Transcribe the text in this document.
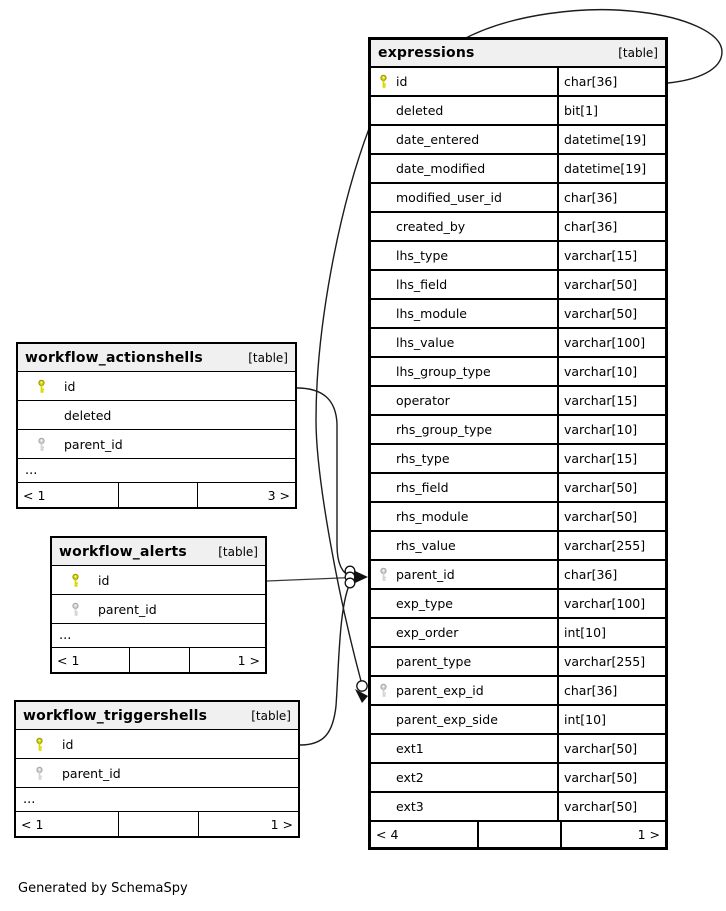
expressions	[table]
id	char[36]
deleted	bit[1]
date_entered	datetime[19]
date_modified	datetime[19]
modified_user_id	char[36]
created_by	char[36]
lhs_type	varchar[15]
lhs_field	varchar[50]
lhs_module	varchar[50]
lhs_value	varchar[100]
lhs_group_type	varchar[10]
operator	varchar[15]
rhs_group_type	varchar[10]
rhs_type	varchar[15]
rhs_field	varchar[50]
rhs_module	varchar[50]
rhs_value	varchar[255]
parent_id	char[36]
exp_type	varchar[100]
exp_order	int[10]
parent_type	varchar[255]
parent_exp_id	char[36]
parent_exp_side	int[10]
ext1	varchar[50]
ext2	varchar[50]
ext3	varchar[50]
< 4	1 >
workflow_actionshells	[table]
id
deleted
parent_id
...
< 1	3 >
workflow_alerts	[table]
id
parent_id
...
< 1	1 >
workflow_triggershells	[table]
id
parent_id
...
< 1	1 >
Generated by SchemaSpy
